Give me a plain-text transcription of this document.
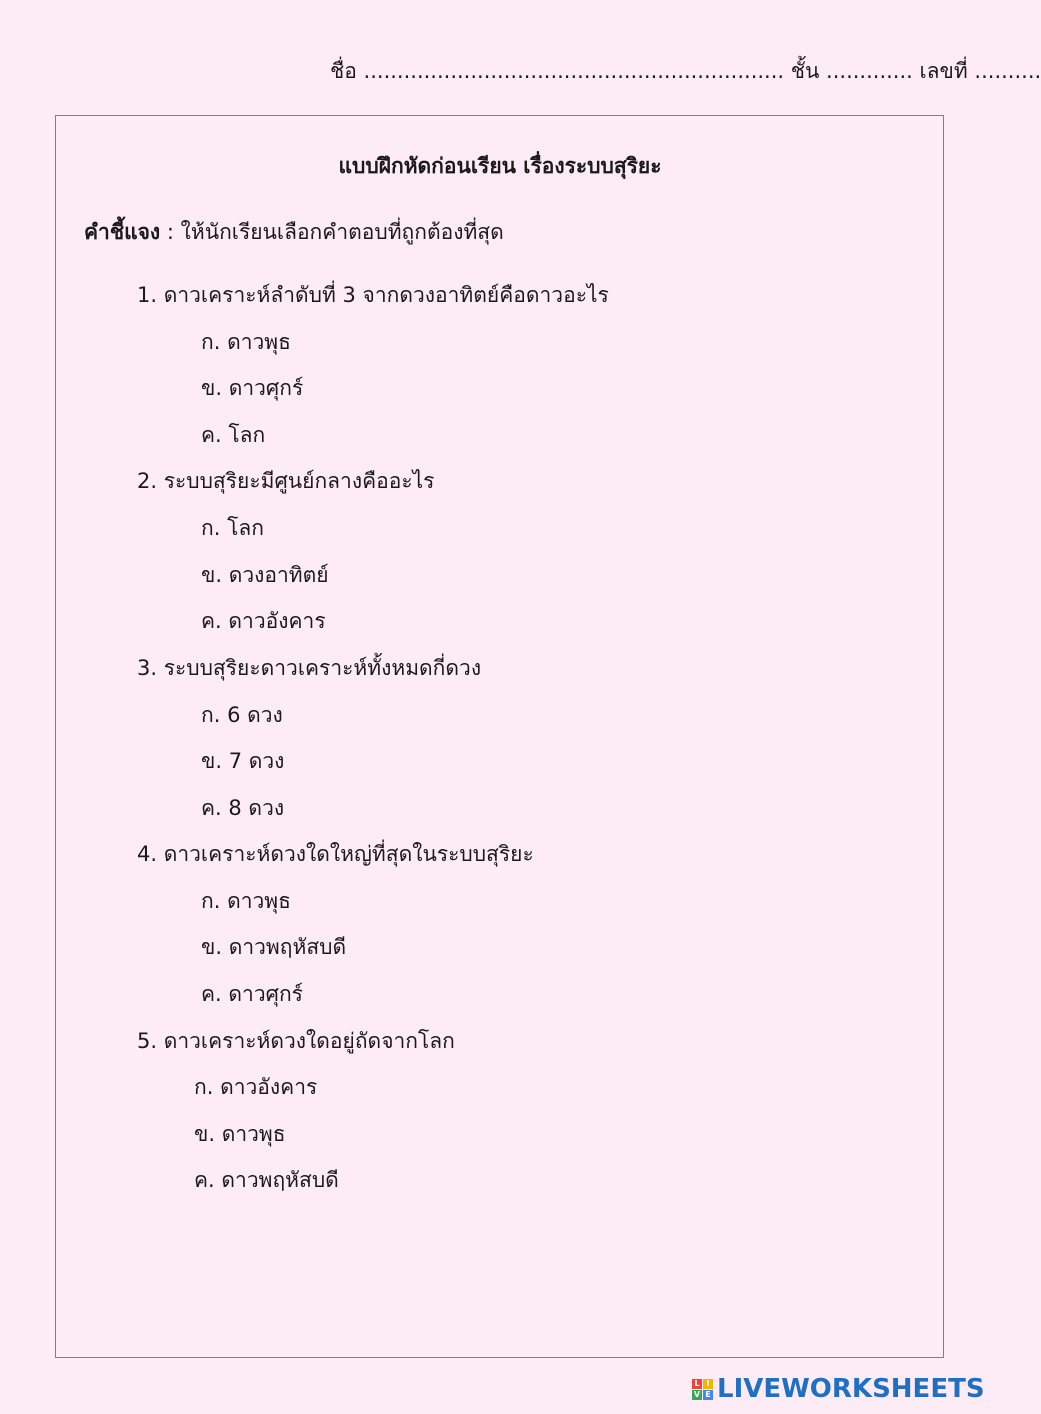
ชื่อ ............................................................... ชั้น ............. เลขที่ ..........
แบบฝึกหัดก่อนเรียน เรื่องระบบสุริยะ
คำชี้แจง : ให้นักเรียนเลือกคำตอบที่ถูกต้องที่สุด
1. ดาวเคราะห์ลำดับที่ 3 จากดวงอาทิตย์คือดาวอะไร
ก. ดาวพุธ
ข. ดาวศุกร์
ค. โลก
2. ระบบสุริยะมีศูนย์กลางคืออะไร
ก. โลก
ข. ดวงอาทิตย์
ค. ดาวอังคาร
3. ระบบสุริยะดาวเคราะห์ทั้งหมดกี่ดวง
ก. 6 ดวง
ข. 7 ดวง
ค. 8 ดวง
4. ดาวเคราะห์ดวงใดใหญ่ที่สุดในระบบสุริยะ
ก. ดาวพุธ
ข. ดาวพฤหัสบดี
ค. ดาวศุกร์
5. ดาวเคราะห์ดวงใดอยู่ถัดจากโลก
ก. ดาวอังคาร
ข. ดาวพุธ
ค. ดาวพฤหัสบดี
L I
V E LIVEWORKSHEETS
